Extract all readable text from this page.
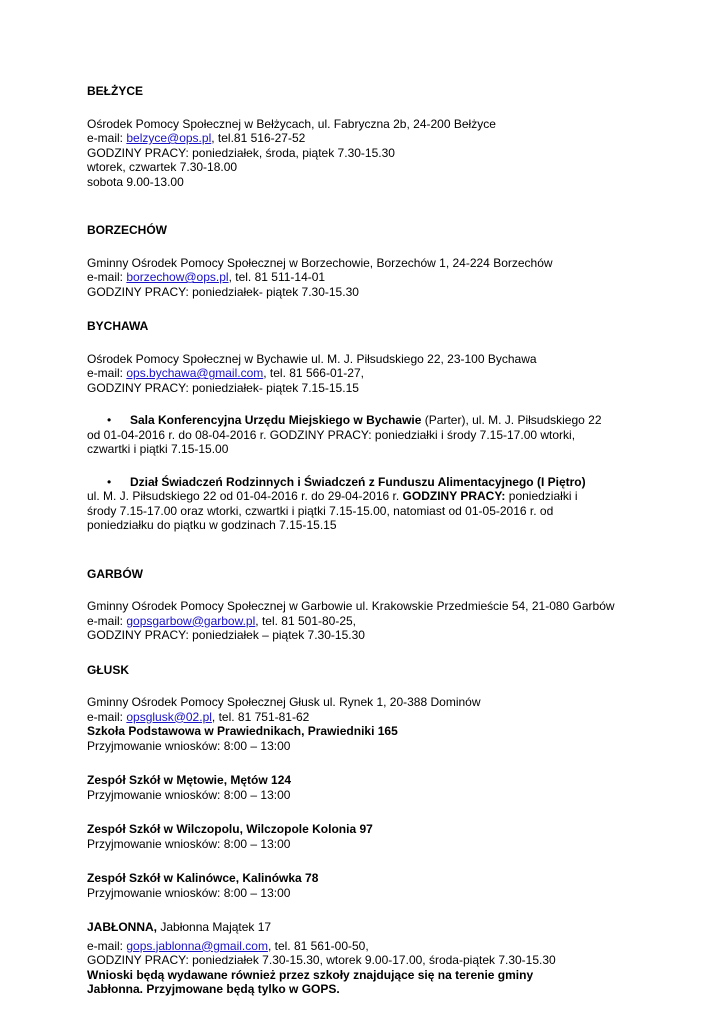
BEŁŻYCE
Ośrodek Pomocy Społecznej w Bełżycach, ul. Fabryczna 2b, 24-200 Bełżyce
e-mail: belzyce@ops.pl, tel.81 516-27-52
GODZINY PRACY: poniedziałek, środa, piątek 7.30-15.30
wtorek, czwartek 7.30-18.00
sobota 9.00-13.00
BORZECHÓW
Gminny Ośrodek Pomocy Społecznej w Borzechowie, Borzechów 1, 24-224 Borzechów
e-mail: borzechow@ops.pl, tel. 81 511-14-01
GODZINY PRACY: poniedziałek- piątek 7.30-15.30
BYCHAWA
Ośrodek Pomocy Społecznej w Bychawie ul. M. J. Piłsudskiego 22, 23-100 Bychawa
e-mail: ops.bychawa@gmail.com, tel. 81 566-01-27,
GODZINY PRACY: poniedziałek- piątek 7.15-15.15
•	Sala Konferencyjna Urzędu Miejskiego w Bychawie (Parter), ul. M. J. Piłsudskiego 22
od 01-04-2016 r. do 08-04-2016 r. GODZINY PRACY: poniedziałki i środy 7.15-17.00 wtorki,
czwartki i piątki 7.15-15.00
•	Dział Świadczeń Rodzinnych i Świadczeń z Funduszu Alimentacyjnego (I Piętro)
ul. M. J. Piłsudskiego 22 od 01-04-2016 r. do 29-04-2016 r. GODZINY PRACY: poniedziałki i
środy 7.15-17.00 oraz wtorki, czwartki i piątki 7.15-15.00, natomiast od 01-05-2016 r. od
poniedziałku do piątku w godzinach 7.15-15.15
GARBÓW
Gminny Ośrodek Pomocy Społecznej w Garbowie ul. Krakowskie Przedmieście 54, 21-080 Garbów
e-mail: gopsgarbow@garbow.pl, tel. 81 501-80-25,
GODZINY PRACY: poniedziałek – piątek 7.30-15.30
GŁUSK
Gminny Ośrodek Pomocy Społecznej Głusk ul. Rynek 1, 20-388 Dominów
e-mail: opsglusk@02.pl, tel. 81 751-81-62
Szkoła Podstawowa w Prawiednikach, Prawiedniki 165
Przyjmowanie wniosków: 8:00 – 13:00
Zespół Szkół w Mętowie, Mętów 124
Przyjmowanie wniosków: 8:00 – 13:00
Zespół Szkół w Wilczopolu, Wilczopole Kolonia 97
Przyjmowanie wniosków: 8:00 – 13:00
Zespół Szkół w Kalinówce, Kalinówka 78
Przyjmowanie wniosków: 8:00 – 13:00
JABŁONNA, Jabłonna Majątek 17
e-mail: gops.jablonna@gmail.com, tel. 81 561-00-50,
GODZINY PRACY: poniedziałek 7.30-15.30, wtorek 9.00-17.00, środa-piątek 7.30-15.30
Wnioski będą wydawane również przez szkoły znajdujące się na terenie gminy
Jabłonna. Przyjmowane będą tylko w GOPS.
